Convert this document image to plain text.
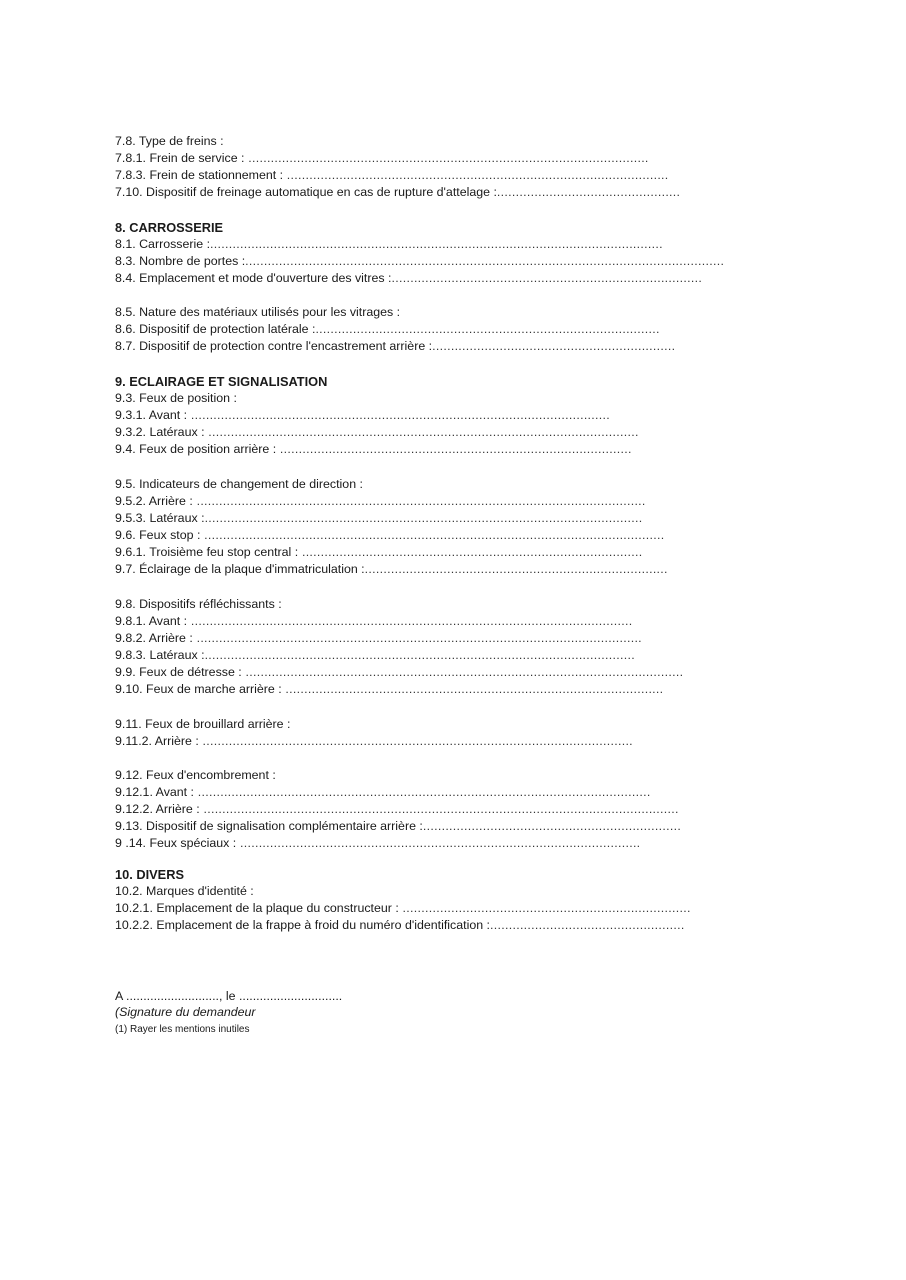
7.8. Type de freins :
7.8.1. Frein de service : ...........................................................................................................
7.8.3. Frein de stationnement : ......................................................................................................
7.10. Dispositif de freinage automatique en cas de rupture d'attelage :.................................................
8. CARROSSERIE
8.1. Carrosserie :.........................................................................................................................
8.3. Nombre de portes :................................................................................................................................
8.4. Emplacement et mode d'ouverture des vitres :...................................................................................
8.5. Nature des matériaux utilisés pour les vitrages :
8.6. Dispositif de protection latérale :............................................................................................
8.7. Dispositif de protection contre l'encastrement arrière :.................................................................
9. ECLAIRAGE ET SIGNALISATION
9.3. Feux de position :
9.3.1. Avant : ................................................................................................................
9.3.2. Latéraux : ...................................................................................................................
9.4. Feux de position arrière : ..............................................................................................
9.5. Indicateurs de changement de direction :
9.5.2. Arrière : ........................................................................................................................
9.5.3. Latéraux :.....................................................................................................................
9.6. Feux stop : ...........................................................................................................................
9.6.1. Troisième feu stop central : ...........................................................................................
9.7. Éclairage de la plaque d'immatriculation :.................................................................................
9.8. Dispositifs réfléchissants :
9.8.1. Avant : ......................................................................................................................
9.8.2. Arrière : .......................................................................................................................
9.8.3. Latéraux :...................................................................................................................
9.9. Feux de détresse : .....................................................................................................................
9.10. Feux de marche arrière : .....................................................................................................
9.11. Feux de brouillard arrière :
9.11.2. Arrière : ...................................................................................................................
9.12. Feux d'encombrement :
9.12.1. Avant : .........................................................................................................................
9.12.2. Arrière : ...............................................................................................................................
9.13. Dispositif de signalisation complémentaire arrière :.....................................................................
9 .14. Feux spéciaux : ...........................................................................................................
10. DIVERS
10.2. Marques d'identité :
10.2.1. Emplacement de la plaque du constructeur : .............................................................................
10.2.2. Emplacement de la frappe à froid du numéro d'identification :....................................................
A ..........................., le ..............................
(Signature du demandeur
(1) Rayer les mentions inutiles
